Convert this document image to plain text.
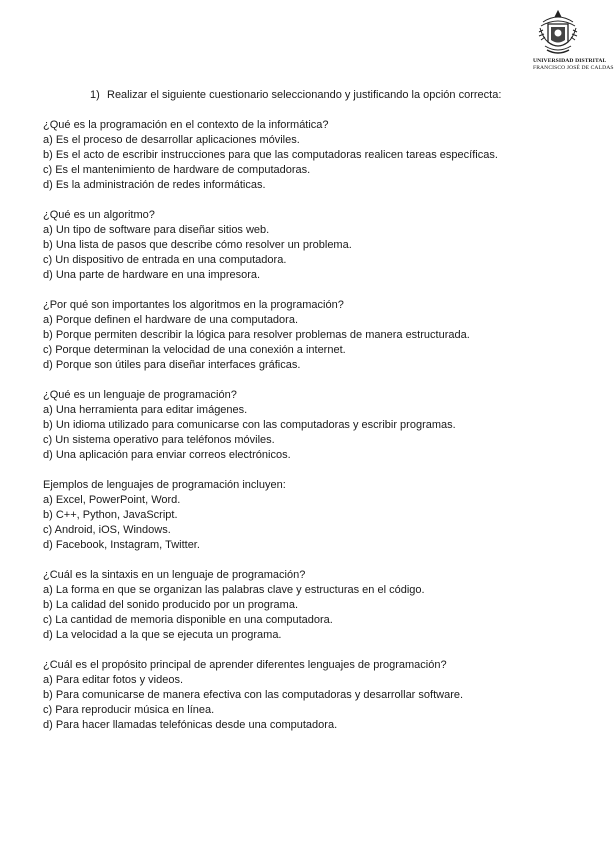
UNIVERSIDAD DISTRITAL
FRANCISCO JOSÉ DE CALDAS
1) Realizar el siguiente cuestionario seleccionando y justificando la opción correcta:

¿Qué es la programación en el contexto de la informática?

a) Es el proceso de desarrollar aplicaciones móviles.

b) Es el acto de escribir instrucciones para que las computadoras realicen tareas específicas.

c) Es el mantenimiento de hardware de computadoras.

d) Es la administración de redes informáticas.

¿Qué es un algoritmo?

a) Un tipo de software para diseñar sitios web.

b) Una lista de pasos que describe cómo resolver un problema.

c) Un dispositivo de entrada en una computadora.

d) Una parte de hardware en una impresora.

¿Por qué son importantes los algoritmos en la programación?

a) Porque definen el hardware de una computadora.

b) Porque permiten describir la lógica para resolver problemas de manera estructurada.

c) Porque determinan la velocidad de una conexión a internet.

d) Porque son útiles para diseñar interfaces gráficas.

¿Qué es un lenguaje de programación?

a) Una herramienta para editar imágenes.

b) Un idioma utilizado para comunicarse con las computadoras y escribir programas.

c) Un sistema operativo para teléfonos móviles.

d) Una aplicación para enviar correos electrónicos.

Ejemplos de lenguajes de programación incluyen:

a) Excel, PowerPoint, Word.

b) C++, Python, JavaScript.

c) Android, iOS, Windows.

d) Facebook, Instagram, Twitter.

¿Cuál es la sintaxis en un lenguaje de programación?

a) La forma en que se organizan las palabras clave y estructuras en el código.

b) La calidad del sonido producido por un programa.

c) La cantidad de memoria disponible en una computadora.

d) La velocidad a la que se ejecuta un programa.

¿Cuál es el propósito principal de aprender diferentes lenguajes de programación?

a) Para editar fotos y videos.

b) Para comunicarse de manera efectiva con las computadoras y desarrollar software.

c) Para reproducir música en línea.

d) Para hacer llamadas telefónicas desde una computadora.
